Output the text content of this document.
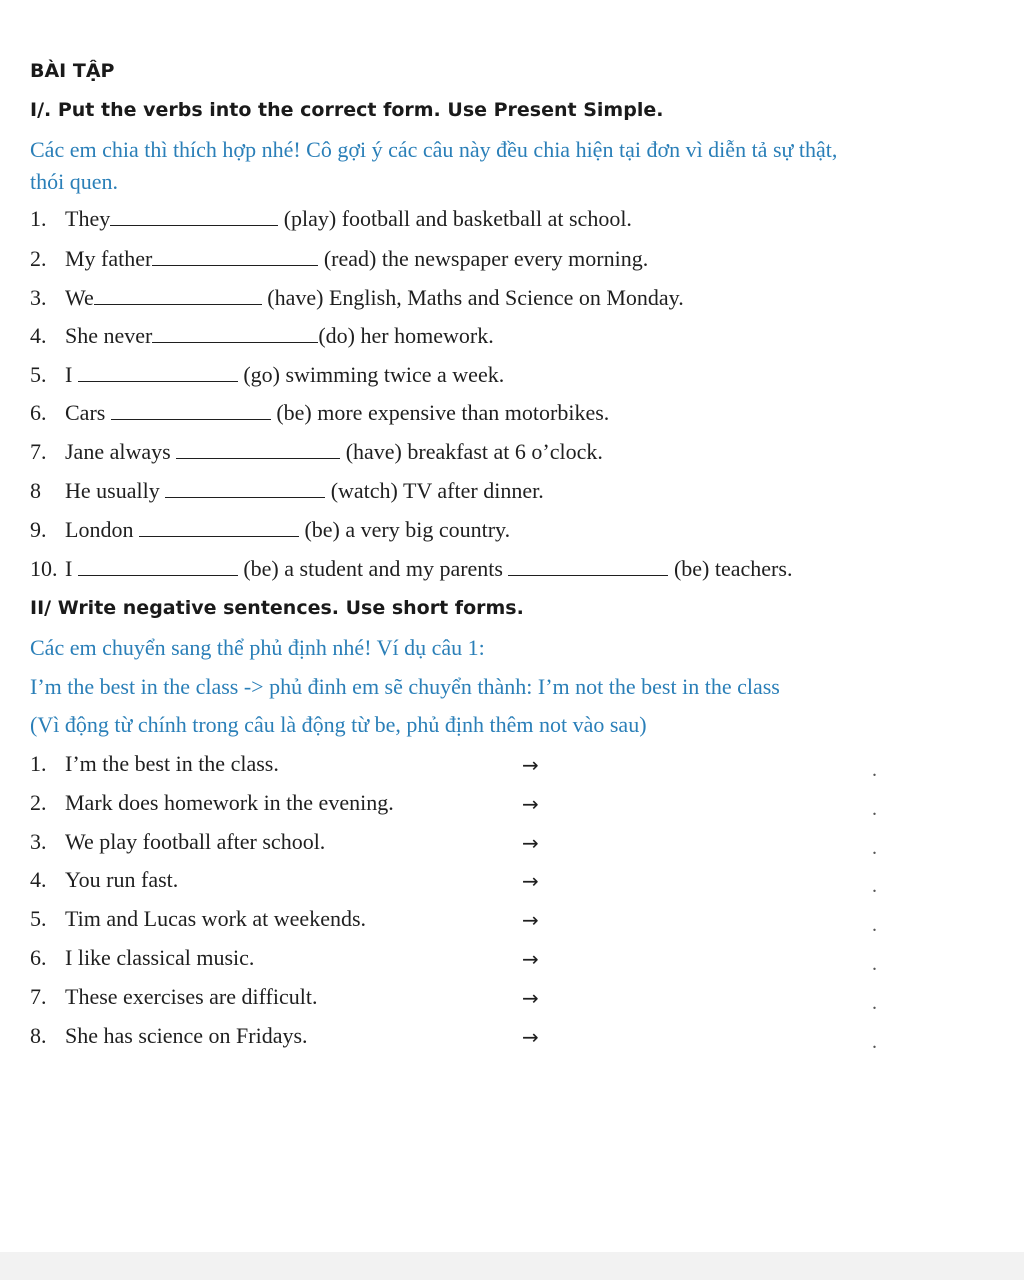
BÀI TẬP
I/. Put the verbs into the correct form. Use Present Simple.
Các em chia thì thích hợp nhé! Cô gợi ý các câu này đều chia hiện tại đơn vì diễn tả sự thật,
thói quen.
1. They	(play) football and basketball at school.
2. My father	(read) the newspaper every morning.
3. We	(have) English, Maths and Science on Monday.
4. She never	(do) her homework.
5. I	(go) swimming twice a week.
6. Cars	(be) more expensive than motorbikes.
7. Jane always	(have) breakfast at 6 o’clock.
8 He usually	(watch) TV after dinner.
9. London	(be) a very big country.
10. I	(be) a student and my parents	(be) teachers.
II/ Write negative sentences. Use short forms.
Các em chuyển sang thể phủ định nhé! Ví dụ câu 1:
I’m the best in the class -> phủ đinh em sẽ chuyển thành: I’m not the best in the class
(Vì động từ chính trong câu là động từ be, phủ định thêm not vào sau)
1. I’m the best in the class.	→	.
2. Mark does homework in the evening.	→	.
3. We play football after school.	→	.
4. You run fast.	→	.
5. Tim and Lucas work at weekends.	→	.
6. I like classical music.	→	.
7. These exercises are difficult.	→	.
8. She has science on Fridays.	→	.
